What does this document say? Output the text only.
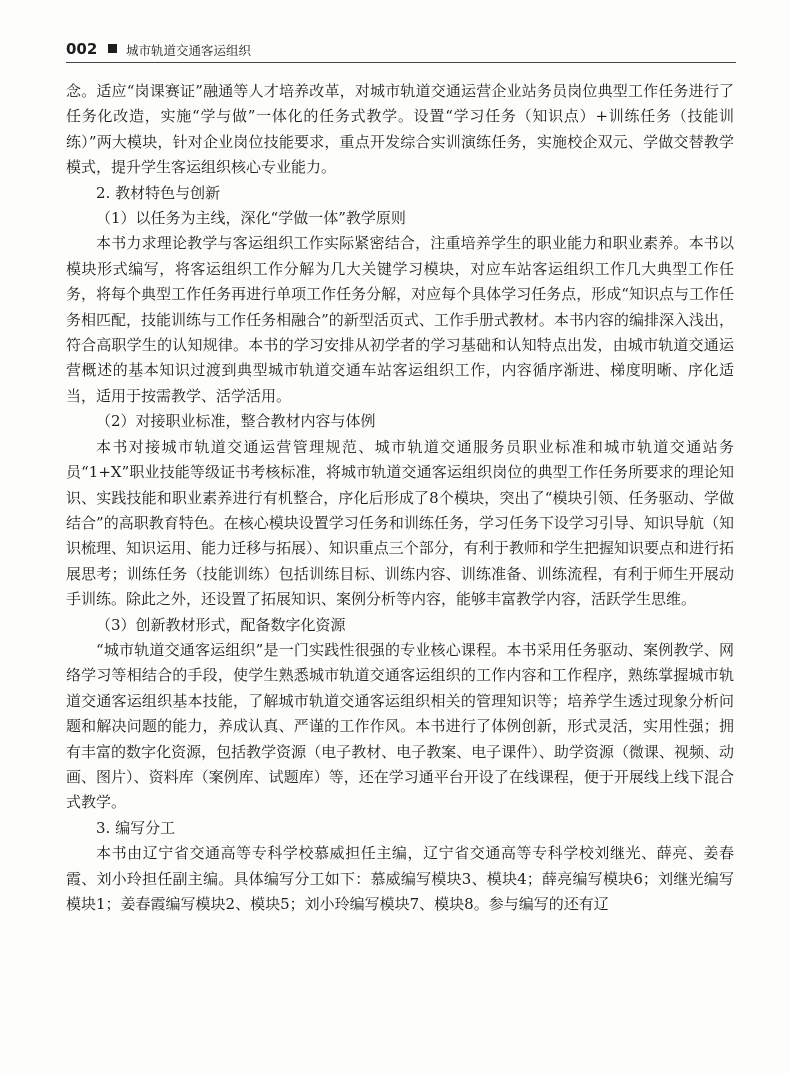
002 城市轨道交通客运组织

念。适应“岗课赛证”融通等人才培养改革，对城市轨道交通运营企业站务员岗位典型工作任务进行了任务化改造，实施“学与做”一体化的任务式教学。设置“学习任务（知识点）+训练任务（技能训练）”两大模块，针对企业岗位技能要求，重点开发综合实训演练任务，实施校企双元、学做交替教学模式，提升学生客运组织核心专业能力。

2. 教材特色与创新

（1）以任务为主线，深化“学做一体”教学原则

本书力求理论教学与客运组织工作实际紧密结合，注重培养学生的职业能力和职业素养。本书以模块形式编写，将客运组织工作分解为几大关键学习模块，对应车站客运组织工作几大典型工作任务，将每个典型工作任务再进行单项工作任务分解，对应每个具体学习任务点，形成“知识点与工作任务相匹配，技能训练与工作任务相融合”的新型活页式、工作手册式教材。本书内容的编排深入浅出，符合高职学生的认知规律。本书的学习安排从初学者的学习基础和认知特点出发，由城市轨道交通运营概述的基本知识过渡到典型城市轨道交通车站客运组织工作，内容循序渐进、梯度明晰、序化适当，适用于按需教学、活学活用。

（2）对接职业标准，整合教材内容与体例

本书对接城市轨道交通运营管理规范、城市轨道交通服务员职业标准和城市轨道交通站务员“1+X”职业技能等级证书考核标准，将城市轨道交通客运组织岗位的典型工作任务所要求的理论知识、实践技能和职业素养进行有机整合，序化后形成了8个模块，突出了“模块引领、任务驱动、学做结合”的高职教育特色。在核心模块设置学习任务和训练任务，学习任务下设学习引导、知识导航（知识梳理、知识运用、能力迁移与拓展）、知识重点三个部分，有利于教师和学生把握知识要点和进行拓展思考；训练任务（技能训练）包括训练目标、训练内容、训练准备、训练流程，有利于师生开展动手训练。除此之外，还设置了拓展知识、案例分析等内容，能够丰富教学内容，活跃学生思维。

（3）创新教材形式，配备数字化资源

“城市轨道交通客运组织”是一门实践性很强的专业核心课程。本书采用任务驱动、案例教学、网络学习等相结合的手段，使学生熟悉城市轨道交通客运组织的工作内容和工作程序，熟练掌握城市轨道交通客运组织基本技能，了解城市轨道交通客运组织相关的管理知识等；培养学生透过现象分析问题和解决问题的能力，养成认真、严谨的工作作风。本书进行了体例创新，形式灵活，实用性强；拥有丰富的数字化资源，包括教学资源（电子教材、电子教案、电子课件）、助学资源（微课、视频、动画、图片）、资料库（案例库、试题库）等，还在学习通平台开设了在线课程，便于开展线上线下混合式教学。

3. 编写分工

本书由辽宁省交通高等专科学校慕威担任主编，辽宁省交通高等专科学校刘继光、薛亮、姜春霞、刘小玲担任副主编。具体编写分工如下：慕威编写模块3、模块4；薛亮编写模块6；刘继光编写模块1；姜春霞编写模块2、模块5；刘小玲编写模块7、模块8。参与编写的还有辽
